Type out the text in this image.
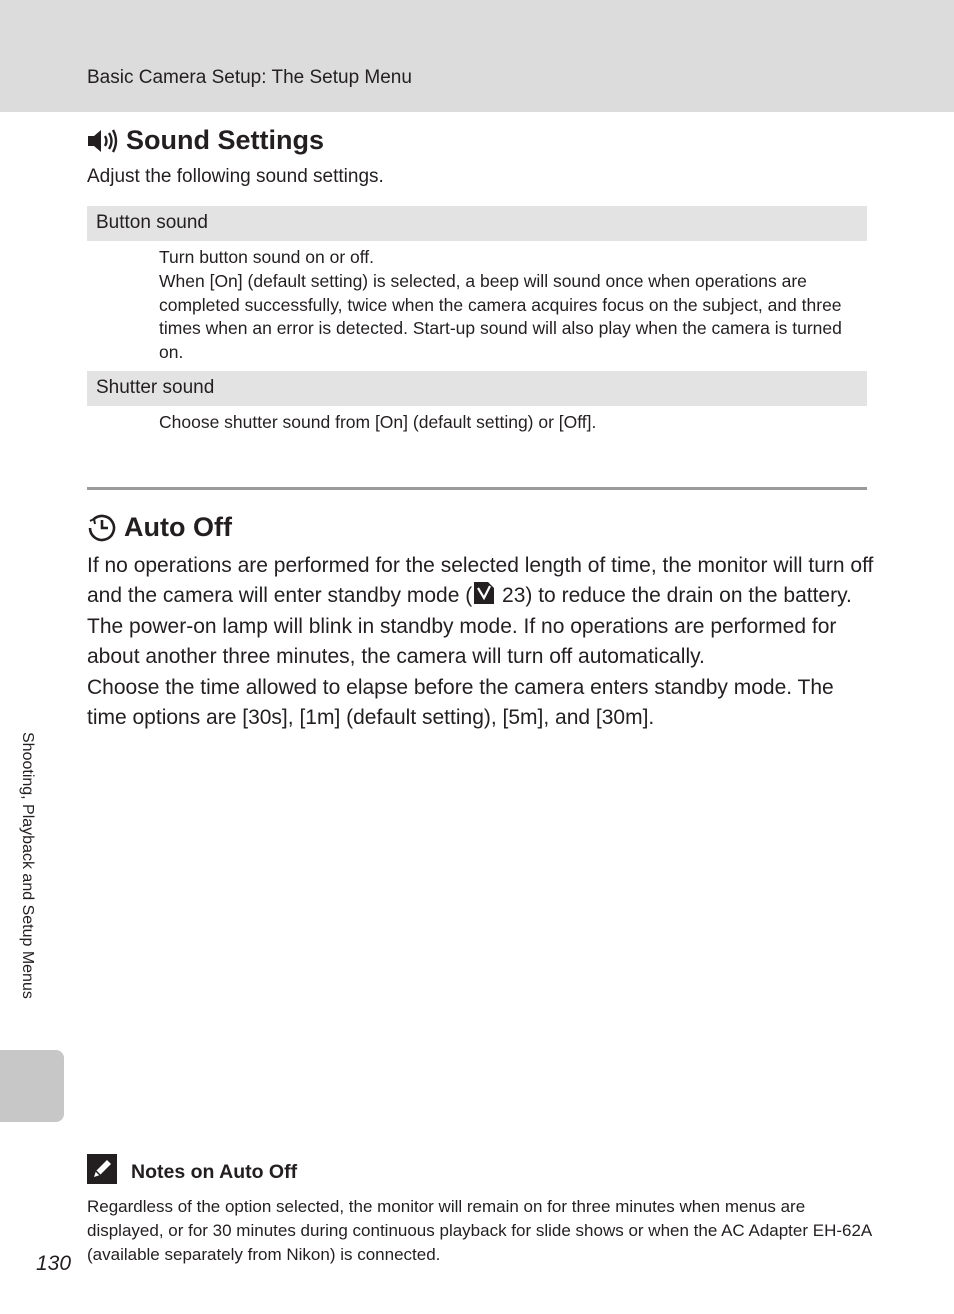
Basic Camera Setup: The Setup Menu
Sound Settings
Adjust the following sound settings.
Button sound

Turn button sound on or off.

When [On] (default setting) is selected, a beep will sound once when operations are completed successfully, twice when the camera acquires focus on the subject, and three times when an error is detected. Start-up sound will also play when the camera is turned on.

Shutter sound

Choose shutter sound from [On] (default setting) or [Off].

Auto Off

If no operations are performed for the selected length of time, the monitor will turn off and the camera will enter standby mode ( 23) to reduce the drain on the battery. The power-on lamp will blink in standby mode. If no operations are performed for about another three minutes, the camera will turn off automatically.

Choose the time allowed to elapse before the camera enters standby mode. The time options are [30s], [1m] (default setting), [5m], and [30m].

Shooting, Playback and Setup Menus
Notes on Auto Off
Regardless of the option selected, the monitor will remain on for three minutes when menus are displayed, or for 30 minutes during continuous playback for slide shows or when the AC Adapter EH-62A (available separately from Nikon) is connected.
130
